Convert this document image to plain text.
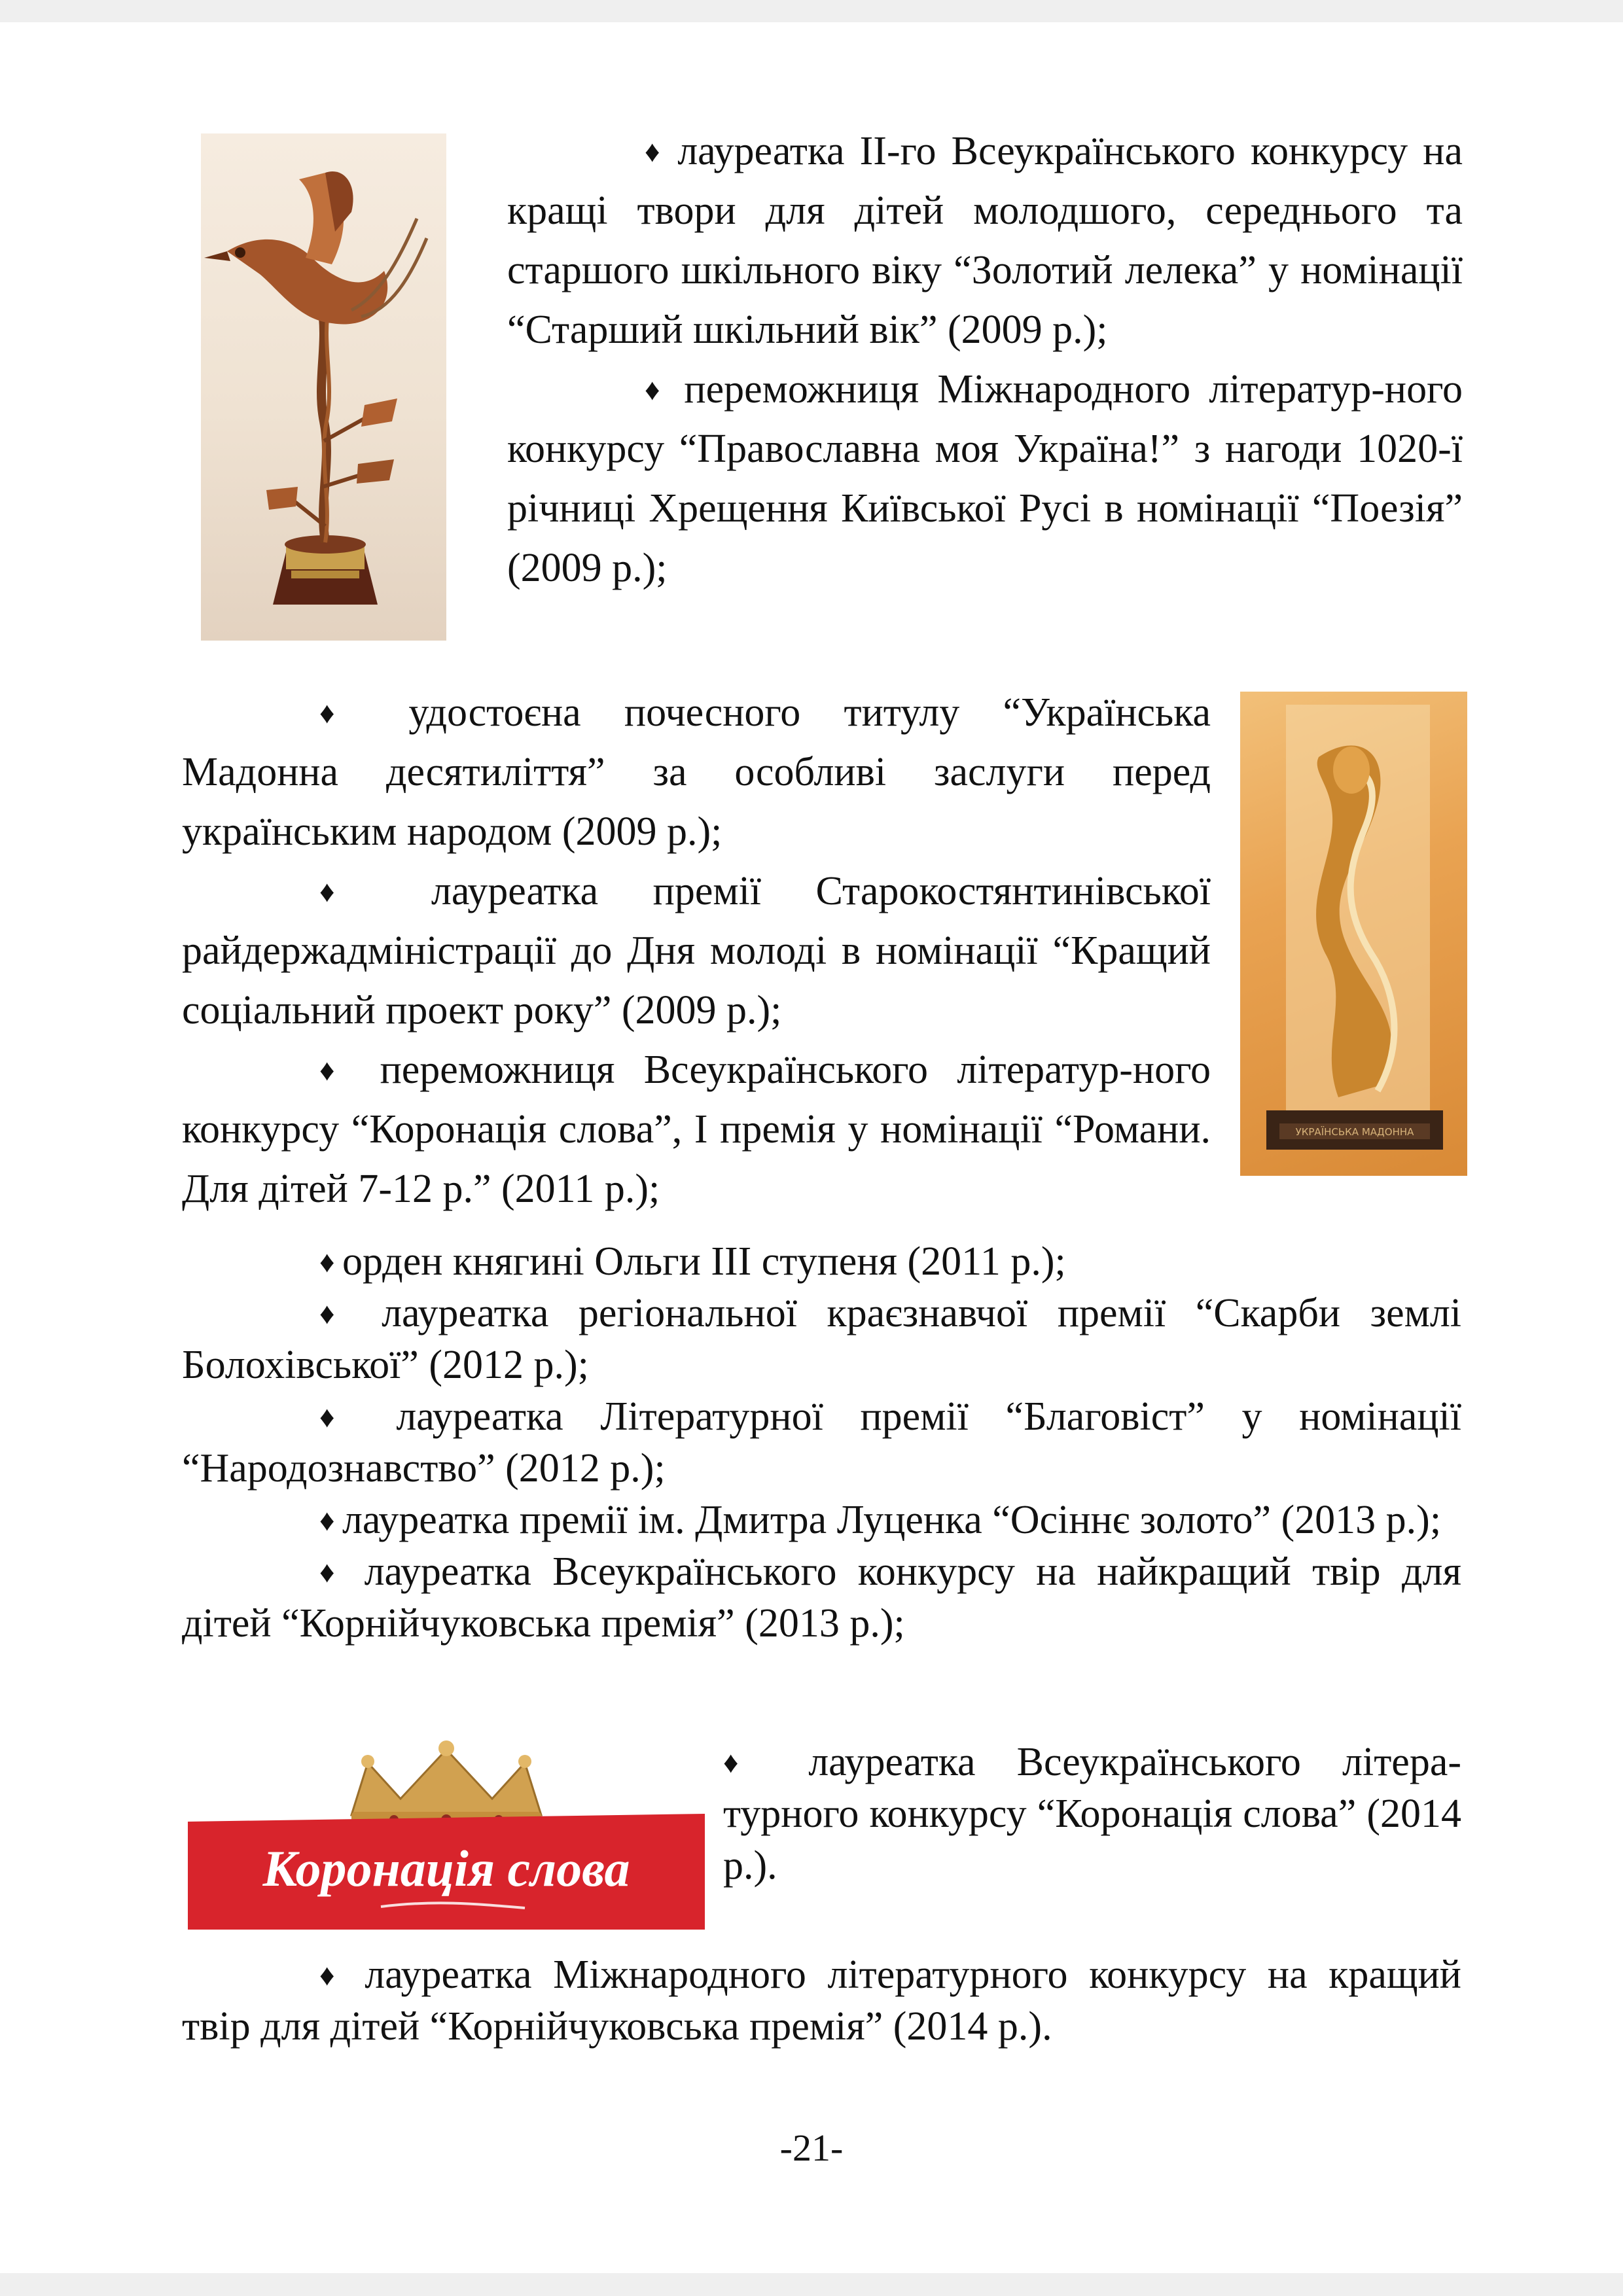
♦ лауреатка ІІ-го Всеукраїнського конкурсу на кращі твори для дітей молодшого, середнього та старшого шкільного віку “Золотий лелека” у номінації “Старший шкільний вік” (2009 р.);

♦ переможниця Міжнародного літератур-ного конкурсу “Православна моя Україна!” з нагоди 1020-ї річниці Хрещення Київської Русі в номінації “Поезія” (2009 р.);

УКРАЇНСЬКА МАДОННА

♦ удостоєна почесного титулу “Українська Мадонна десятиліття” за особливі заслуги перед українським народом (2009 р.);

♦ лауреатка премії Старокостянтинівської райдержадміністрації до Дня молоді в номінації “Кращий соціальний проект року” (2009 р.);

♦ переможниця Всеукраїнського літератур-ного конкурсу “Коронація слова”, І премія у номінації “Романи. Для дітей 7-12 р.” (2011 р.);

♦ орден княгині Ольги ІІІ ступеня (2011 р.);

♦ лауреатка регіональної краєзнавчої премії “Скарби землі Болохівської” (2012 р.);

♦ лауреатка Літературної премії “Благовіст” у номінації “Народознавство” (2012 р.);

♦ лауреатка премії ім. Дмитра Луценка “Осіннє золото” (2013 р.);

♦ лауреатка Всеукраїнського конкурсу на найкращий твір для дітей “Корнійчуковська премія” (2013 р.);

Коронація слова

♦ лауреатка Всеукраїнського літера-турного конкурсу “Коронація слова” (2014 р.).

♦ лауреатка Міжнародного літературного конкурсу на кращий твір для дітей “Корнійчуковська премія” (2014 р.).

-21-
